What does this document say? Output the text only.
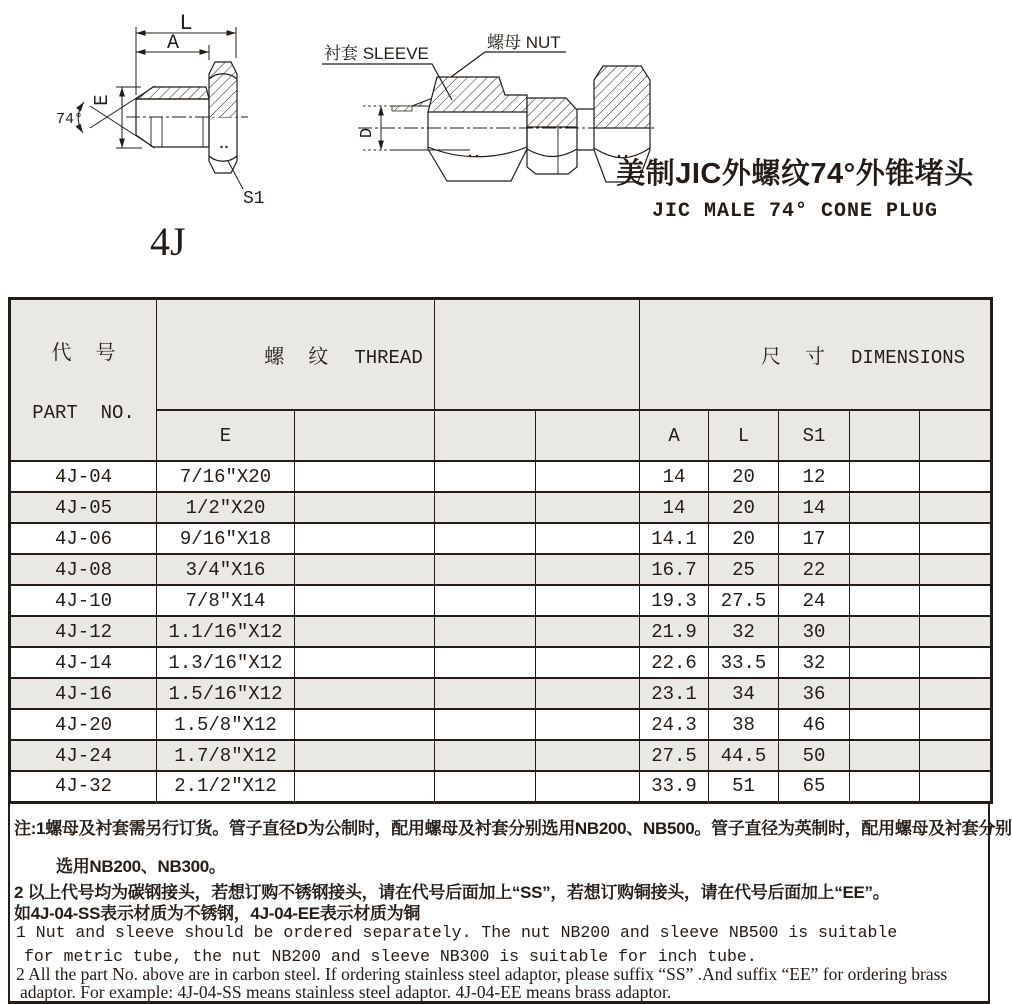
L
A
E
74°
S1
4J
D
衬套 SLEEVE
螺母 NUT
美制JIC外螺纹74°外锥堵头
JIC MALE 74° CONE PLUG

代  号

PART  NO.	螺  纹 THREAD				尺  寸 DIMENSIONS				

	E				A	L	S1		
4J-04	7/16″X20				14	20	12		
4J-05	1/2″X20				14	20	14		
4J-06	9/16″X18				14.1	20	17		
4J-08	3/4″X16				16.7	25	22		
4J-10	7/8″X14				19.3	27.5	24		
4J-12	1.1/16″X12				21.9	32	30		
4J-14	1.3/16″X12				22.6	33.5	32		
4J-16	1.5/16″X12				23.1	34	36		
4J-20	1.5/8″X12				24.3	38	46		
4J-24	1.7/8″X12				27.5	44.5	50		
4J-32	2.1/2″X12				33.9	51	65		
注:1螺母及衬套需另行订货。管子直径D为公制时，配用螺母及衬套分别选用NB200、NB500。管子直径为英制时，配用螺母及衬套分别
选用NB200、NB300。
2 以上代号均为碳钢接头，若想订购不锈钢接头，请在代号后面加上“SS”，若想订购铜接头，请在代号后面加上“EE”。
如4J-04-SS表示材质为不锈钢，4J-04-EE表示材质为铜
1 Nut and sleeve should be ordered separately. The nut NB200 and sleeve NB500 is suitable
for metric tube, the nut NB200 and sleeve NB300 is suitable for inch tube.
2 All the part No. above are in carbon steel. If ordering stainless steel adaptor, please suffix “SS” .And suffix “EE” for ordering brass
adaptor. For example: 4J-04-SS means stainless steel adaptor. 4J-04-EE means brass adaptor.
